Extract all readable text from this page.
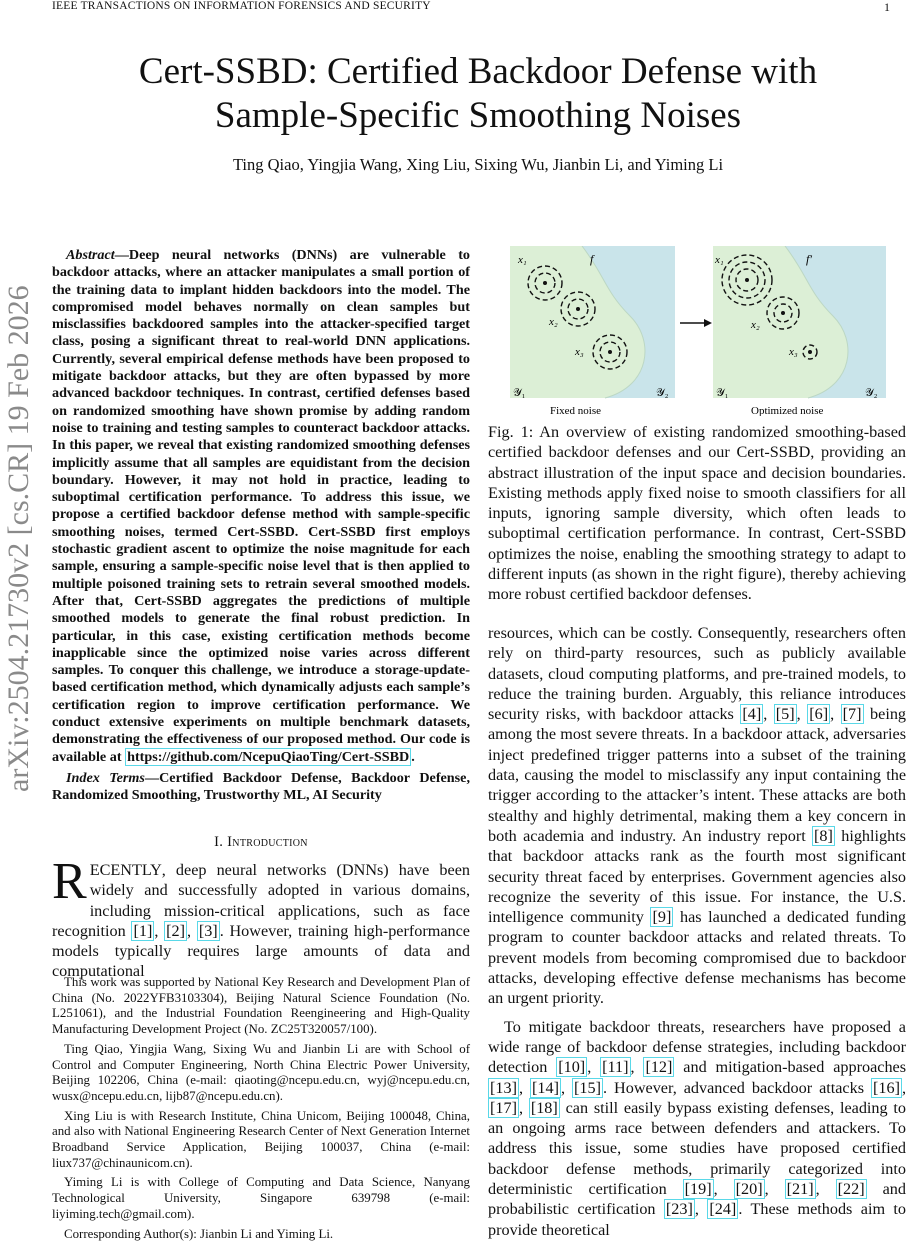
IEEE TRANSACTIONS ON INFORMATION FORENSICS AND SECURITY	1
arXiv:2504.21730v2 [cs.CR] 19 Feb 2026
Cert-SSBD: Certified Backdoor Defense with
Sample-Specific Smoothing Noises
Ting Qiao, Yingjia Wang, Xing Liu, Sixing Wu, Jianbin Li, and Yiming Li
Abstract—Deep neural networks (DNNs) are vulnerable to backdoor attacks, where an attacker manipulates a small portion of the training data to implant hidden backdoors into the model. The compromised model behaves normally on clean samples but misclassifies backdoored samples into the attacker-specified target class, posing a significant threat to real-world DNN applications. Currently, several empirical defense methods have been proposed to mitigate backdoor attacks, but they are often bypassed by more advanced backdoor techniques. In contrast, certified defenses based on randomized smoothing have shown promise by adding random noise to training and testing samples to counteract backdoor attacks. In this paper, we reveal that existing randomized smoothing defenses implicitly assume that all samples are equidistant from the decision boundary. However, it may not hold in practice, leading to suboptimal certification performance. To address this issue, we propose a certified backdoor defense method with sample-specific smoothing noises, termed Cert-SSBD. Cert-SSBD first employs stochastic gradient ascent to optimize the noise magnitude for each sample, ensuring a sample-specific noise level that is then applied to multiple poisoned training sets to retrain several smoothed models. After that, Cert-SSBD aggregates the predictions of multiple smoothed models to generate the final robust prediction. In particular, in this case, existing certification methods become inapplicable since the optimized noise varies across different samples. To conquer this challenge, we introduce a storage-update-based certification method, which dynamically adjusts each sample’s certification region to improve certification performance. We conduct extensive experiments on multiple benchmark datasets, demonstrating the effectiveness of our proposed method. Our code is available at https://github.com/NcepuQiaoTing/Cert-SSBD .
Index Terms—Certified Backdoor Defense, Backdoor Defense, Randomized Smoothing, Trustworthy ML, AI Security
I. Introduction
RECENTLY, deep neural networks (DNNs) have been widely and successfully adopted in various domains, including mission-critical applications, such as face recognition [1] , [2] , [3] . However, training high-performance models typically requires large amounts of data and computational

This work was supported by National Key Research and Development Plan of China (No. 2022YFB3103304), Beijing Natural Science Foundation (No. L251061), and the Industrial Foundation Reengineering and High-Quality Manufacturing Development Project (No. ZC25T320057/100).

Ting Qiao, Yingjia Wang, Sixing Wu and Jianbin Li are with School of Control and Computer Engineering, North China Electric Power University, Beijing 102206, China (e-mail: qiaoting@ncepu.edu.cn, wyj@ncepu.edu.cn, wusx@ncepu.edu.cn, lijb87@ncepu.edu.cn).

Xing Liu is with Research Institute, China Unicom, Beijing 100048, China, and also with National Engineering Research Center of Next Generation Internet Broadband Service Application, Beijing 100037, China (e-mail: liux737@chinaunicom.cn).

Yiming Li is with College of Computing and Data Science, Nanyang Technological University, Singapore 639798 (e-mail: liyiming.tech@gmail.com).

Corresponding Author(s): Jianbin Li and Yiming Li.

x₁
x₂
x₃
f
𝒴₁	𝒴₂
Fixed noise
x₁
x₂
x₃
f′
𝒴₁	𝒴₂
Optimized noise
Fig. 1: An overview of existing randomized smoothing-based certified backdoor defenses and our Cert-SSBD, providing an abstract illustration of the input space and decision boundaries. Existing methods apply fixed noise to smooth classifiers for all inputs, ignoring sample diversity, which often leads to suboptimal certification performance. In contrast, Cert-SSBD optimizes the noise, enabling the smoothing strategy to adapt to different inputs (as shown in the right figure), thereby achieving more robust certified backdoor defenses.

resources, which can be costly. Consequently, researchers often rely on third-party resources, such as publicly available datasets, cloud computing platforms, and pre-trained models, to reduce the training burden. Arguably, this reliance introduces security risks, with backdoor attacks [4] , [5] , [6] , [7] being among the most severe threats. In a backdoor attack, adversaries inject predefined trigger patterns into a subset of the training data, causing the model to misclassify any input containing the trigger according to the attacker’s intent. These attacks are both stealthy and highly detrimental, making them a key concern in both academia and industry. An industry report [8] highlights that backdoor attacks rank as the fourth most significant security threat faced by enterprises. Government agencies also recognize the severity of this issue. For instance, the U.S. intelligence community [9] has launched a dedicated funding program to counter backdoor attacks and related threats. To prevent models from becoming compromised due to backdoor attacks, developing effective defense mechanisms has become an urgent priority.

To mitigate backdoor threats, researchers have proposed a wide range of backdoor defense strategies, including backdoor detection [10] , [11] , [12] and mitigation-based approaches [13] , [14] , [15] . However, advanced backdoor attacks [16] , [17] , [18] can still easily bypass existing defenses, leading to an ongoing arms race between defenders and attackers. To address this issue, some studies have proposed certified backdoor defense methods, primarily categorized into deterministic certification [19] , [20] , [21] , [22] and probabilistic certification [23] , [24] . These methods aim to provide theoretical
